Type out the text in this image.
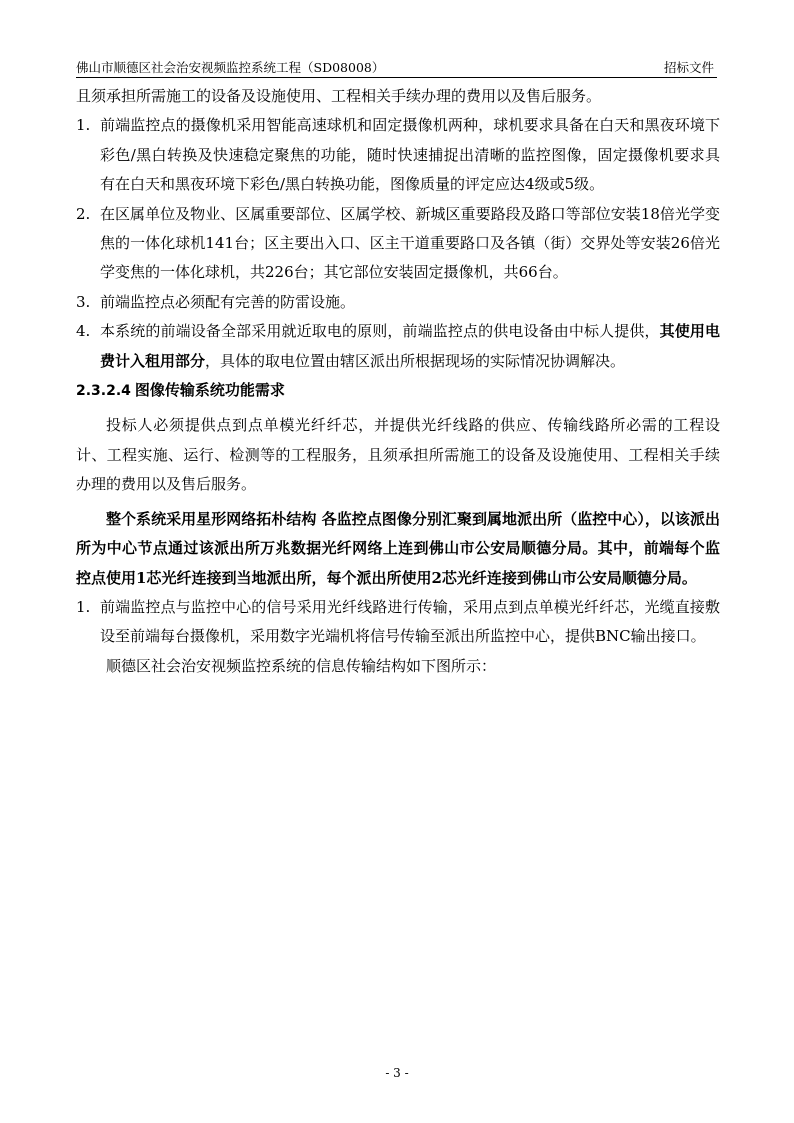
佛山市顺德区社会治安视频监控系统工程（SD08008）	招标文件

且须承担所需施工的设备及设施使用、工程相关手续办理的费用以及售后服务。

1. 前端监控点的摄像机采用智能高速球机和固定摄像机两种，球机要求具备在白天和黑夜环境下彩色/黑白转换及快速稳定聚焦的功能，随时快速捕捉出清晰的监控图像，固定摄像机要求具有在白天和黑夜环境下彩色/黑白转换功能，图像质量的评定应达4级或5级。
2. 在区属单位及物业、区属重要部位、区属学校、新城区重要路段及路口等部位安装18倍光学变焦的一体化球机141台；区主要出入口、区主干道重要路口及各镇（街）交界处等安装26倍光学变焦的一体化球机，共226台；其它部位安装固定摄像机，共66台。
3. 前端监控点必须配有完善的防雷设施。
4. 本系统的前端设备全部采用就近取电的原则，前端监控点的供电设备由中标人提供，其使用电费计入租用部分，具体的取电位置由辖区派出所根据现场的实际情况协调解决。

2.3.2.4 图像传输系统功能需求

投标人必须提供点到点单模光纤纤芯，并提供光纤线路的供应、传输线路所必需的工程设计、工程实施、运行、检测等的工程服务，且须承担所需施工的设备及设施使用、工程相关手续办理的费用以及售后服务。

整个系统采用星形网络拓朴结构 各监控点图像分别汇聚到属地派出所（监控中心），以该派出所为中心节点通过该派出所万兆数据光纤网络上连到佛山市公安局顺德分局。其中，前端每个监控点使用1芯光纤连接到当地派出所，每个派出所使用2芯光纤连接到佛山市公安局顺德分局。

1. 前端监控点与监控中心的信号采用光纤线路进行传输，采用点到点单模光纤纤芯，光缆直接敷设至前端每台摄像机，采用数字光端机将信号传输至派出所监控中心，提供BNC输出接口。

顺德区社会治安视频监控系统的信息传输结构如下图所示：

- 3 -
